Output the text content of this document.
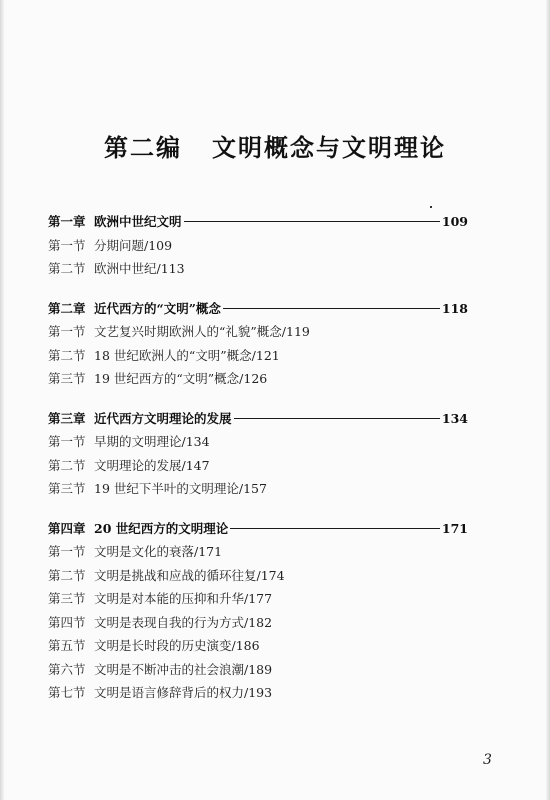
第二编 文明概念与文明理论
第一章 欧洲中世纪文明	109
第一节 分期问题/109
第二节 欧洲中世纪/113
第二章 近代西方的“文明”概念	118
第一节 文艺复兴时期欧洲人的“礼貌”概念/119
第二节 18 世纪欧洲人的“文明”概念/121
第三节 19 世纪西方的“文明”概念/126
第三章 近代西方文明理论的发展	134
第一节 早期的文明理论/134
第二节 文明理论的发展/147
第三节 19 世纪下半叶的文明理论/157
第四章 20 世纪西方的文明理论	171
第一节 文明是文化的衰落/171
第二节 文明是挑战和应战的循环往复/174
第三节 文明是对本能的压抑和升华/177
第四节 文明是表现自我的行为方式/182
第五节 文明是长时段的历史演变/186
第六节 文明是不断冲击的社会浪潮/189
第七节 文明是语言修辞背后的权力/193
3
